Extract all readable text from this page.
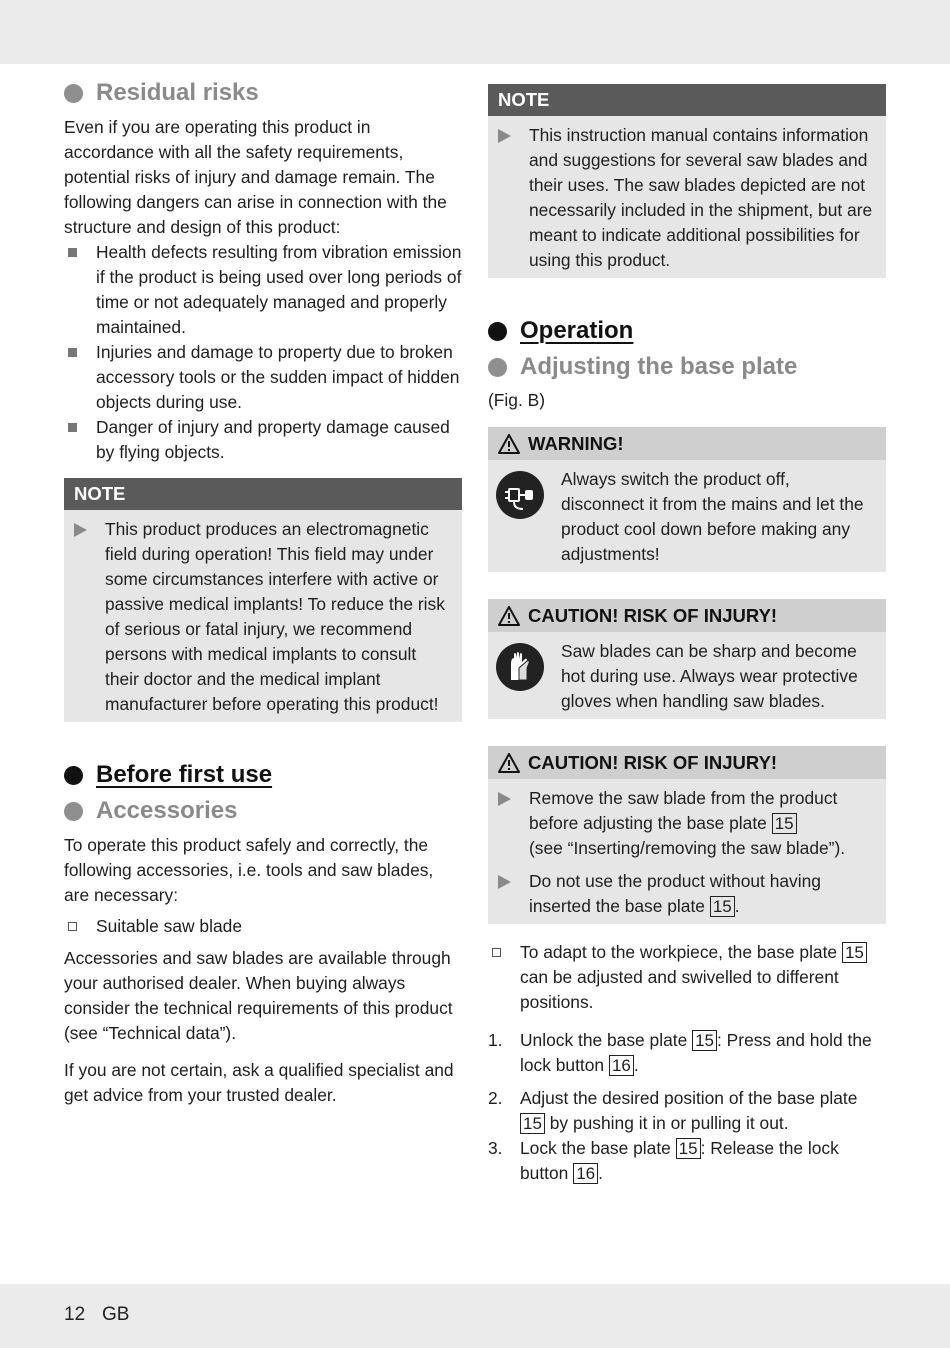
Residual risks

Even if you are operating this product in accordance with all the safety requirements, potential risks of injury and damage remain. The following dangers can arise in connection with the structure and design of this product:

Health defects resulting from vibration emission if the product is being used over long periods of time or not adequately managed and properly maintained.
Injuries and damage to property due to broken accessory tools or the sudden impact of hidden objects during use.
Danger of injury and property damage caused by flying objects.
NOTE
This product produces an electromagnetic field during operation! This field may under some circumstances interfere with active or passive medical implants! To reduce the risk of serious or fatal injury, we recommend persons with medical implants to consult their doctor and the medical implant manufacturer before operating this product!
Before first use
Accessories

To operate this product safely and correctly, the following accessories, i.e. tools and saw blades, are necessary:

Suitable saw blade

Accessories and saw blades are available through your authorised dealer. When buying always consider the technical requirements of this product (see “Technical data”).

If you are not certain, ask a qualified specialist and get advice from your trusted dealer.

NOTE
This instruction manual contains information and suggestions for several saw blades and their uses. The saw blades depicted are not necessarily included in the shipment, but are meant to indicate additional possibilities for using this product.
Operation
Adjusting the base plate

(Fig. B)

WARNING!

Always switch the product off, disconnect it from the mains and let the product cool down before making any adjustments!

CAUTION! RISK OF INJURY!

Saw blades can be sharp and become hot during use. Always wear protective gloves when handling saw blades.

CAUTION! RISK OF INJURY!
Remove the saw blade from the product before adjusting the base plate 15
(see “Inserting/removing the saw blade”).
Do not use the product without having inserted the base plate 15 .
To adapt to the workpiece, the base plate 15 can be adjusted and swivelled to different positions.
1.	Unlock the base plate 15 : Press and hold the lock button 16 .
2.	Adjust the desired position of the base plate 15 by pushing it in or pulling it out.
3.	Lock the base plate 15 : Release the lock button 16 .
12 GB
